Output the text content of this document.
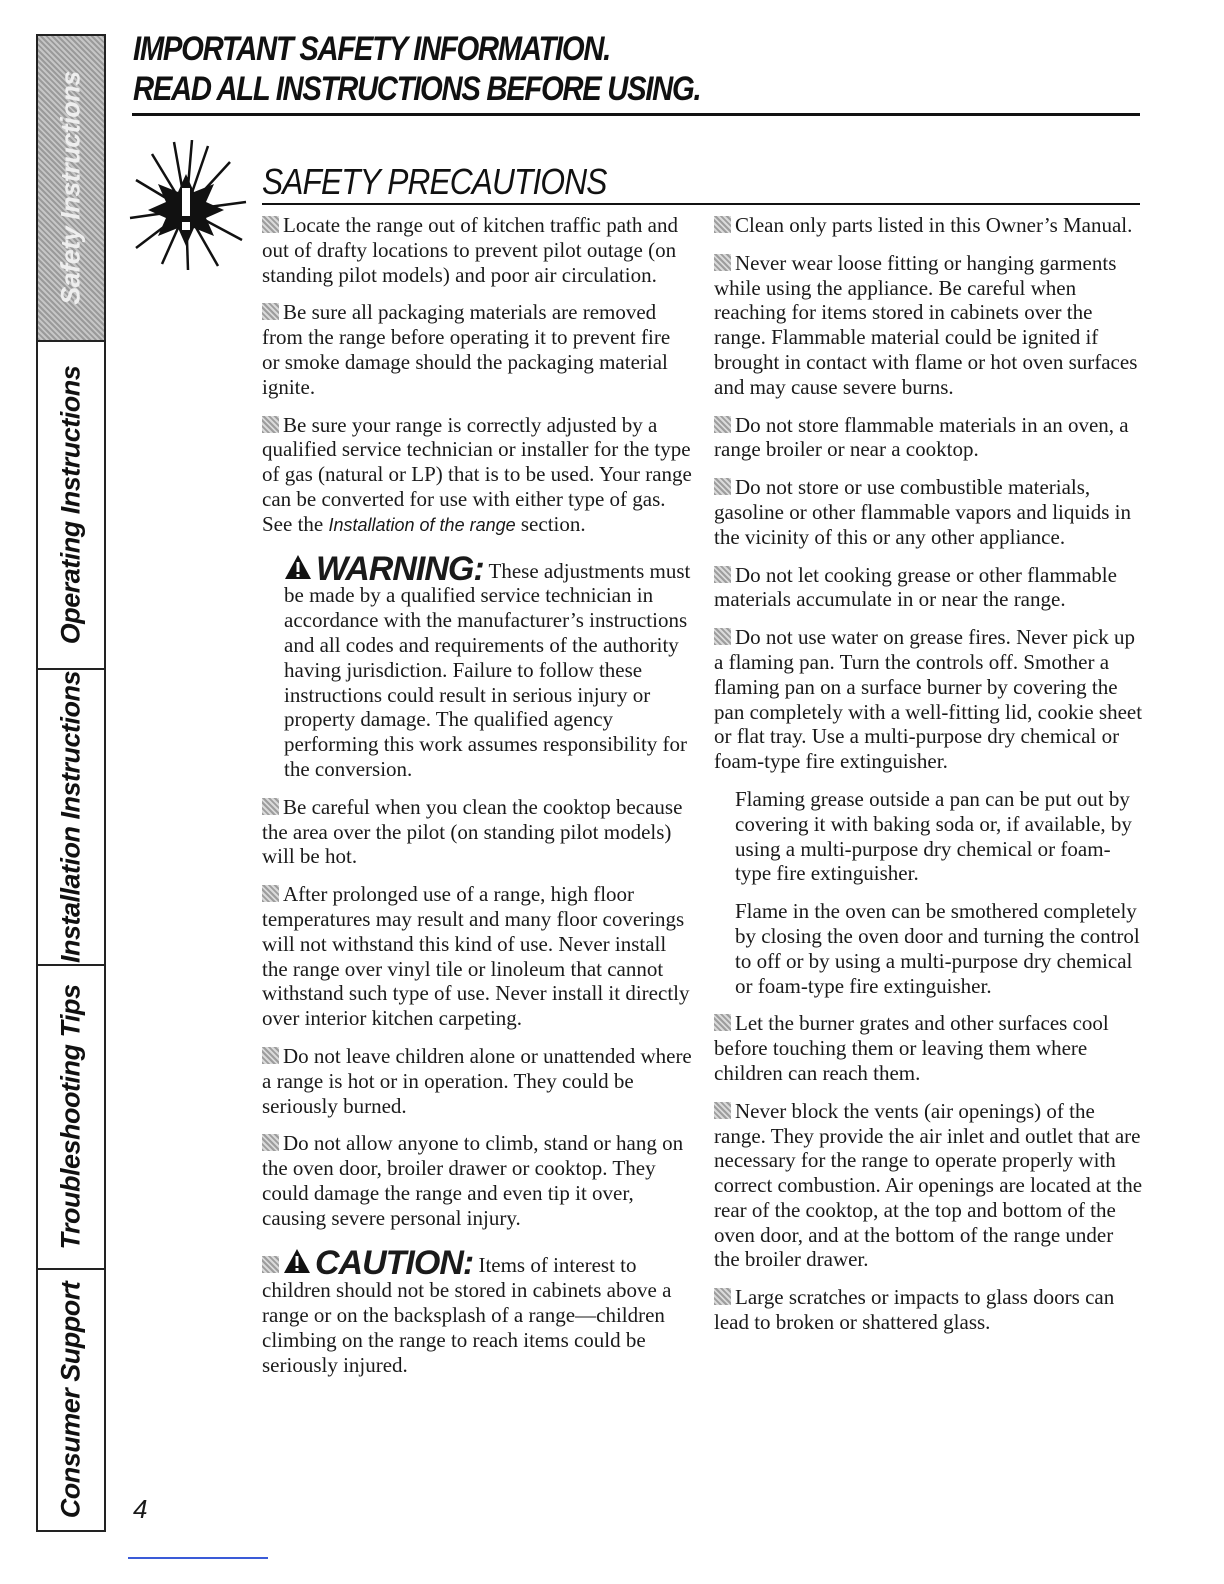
Safety Instructions
Operating Instructions
Installation Instructions
Troubleshooting Tips
Consumer Support
IMPORTANT SAFETY INFORMATION.
READ ALL INSTRUCTIONS BEFORE USING.
SAFETY PRECAUTIONS

Locate the range out of kitchen traffic path and out of drafty locations to prevent pilot outage (on standing pilot models) and poor air circulation.

Be sure all packaging materials are removed from the range before operating it to prevent fire or smoke damage should the packaging material ignite.

Be sure your range is correctly adjusted by a qualified service technician or installer for the type of gas (natural or LP) that is to be used. Your range can be converted for use with either type of gas. See the Installation of the range section.

WARNING: These adjustments must be made by a qualified service technician in accordance with the manufacturer’s instructions and all codes and requirements of the authority having jurisdiction. Failure to follow these instructions could result in serious injury or property damage. The qualified agency performing this work assumes responsibility for the conversion.

Be careful when you clean the cooktop because the area over the pilot (on standing pilot models) will be hot.

After prolonged use of a range, high floor temperatures may result and many floor coverings will not withstand this kind of use. Never install the range over vinyl tile or linoleum that cannot withstand such type of use. Never install it directly over interior kitchen carpeting.

Do not leave children alone or unattended where a range is hot or in operation. They could be seriously burned.

Do not allow anyone to climb, stand or hang on the oven door, broiler drawer or cooktop. They could damage the range and even tip it over, causing severe personal injury.

CAUTION: Items of interest to children should not be stored in cabinets above a range or on the backsplash of a range—children climbing on the range to reach items could be seriously injured.

Clean only parts listed in this Owner’s Manual.

Never wear loose fitting or hanging garments while using the appliance. Be careful when reaching for items stored in cabinets over the range. Flammable material could be ignited if brought in contact with flame or hot oven surfaces and may cause severe burns.

Do not store flammable materials in an oven, a range broiler or near a cooktop.

Do not store or use combustible materials, gasoline or other flammable vapors and liquids in the vicinity of this or any other appliance.

Do not let cooking grease or other flammable materials accumulate in or near the range.

Do not use water on grease fires. Never pick up a flaming pan. Turn the controls off. Smother a flaming pan on a surface burner by covering the pan completely with a well-fitting lid, cookie sheet or flat tray. Use a multi-purpose dry chemical or foam-type fire extinguisher.

Flaming grease outside a pan can be put out by covering it with baking soda or, if available, by using a multi-purpose dry chemical or foam-type fire extinguisher.

Flame in the oven can be smothered completely by closing the oven door and turning the control to off or by using a multi-purpose dry chemical or foam-type fire extinguisher.

Let the burner grates and other surfaces cool before touching them or leaving them where children can reach them.

Never block the vents (air openings) of the range. They provide the air inlet and outlet that are necessary for the range to operate properly with correct combustion. Air openings are located at the rear of the cooktop, at the top and bottom of the oven door, and at the bottom of the range under the broiler drawer.

Large scratches or impacts to glass doors can lead to broken or shattered glass.

4
